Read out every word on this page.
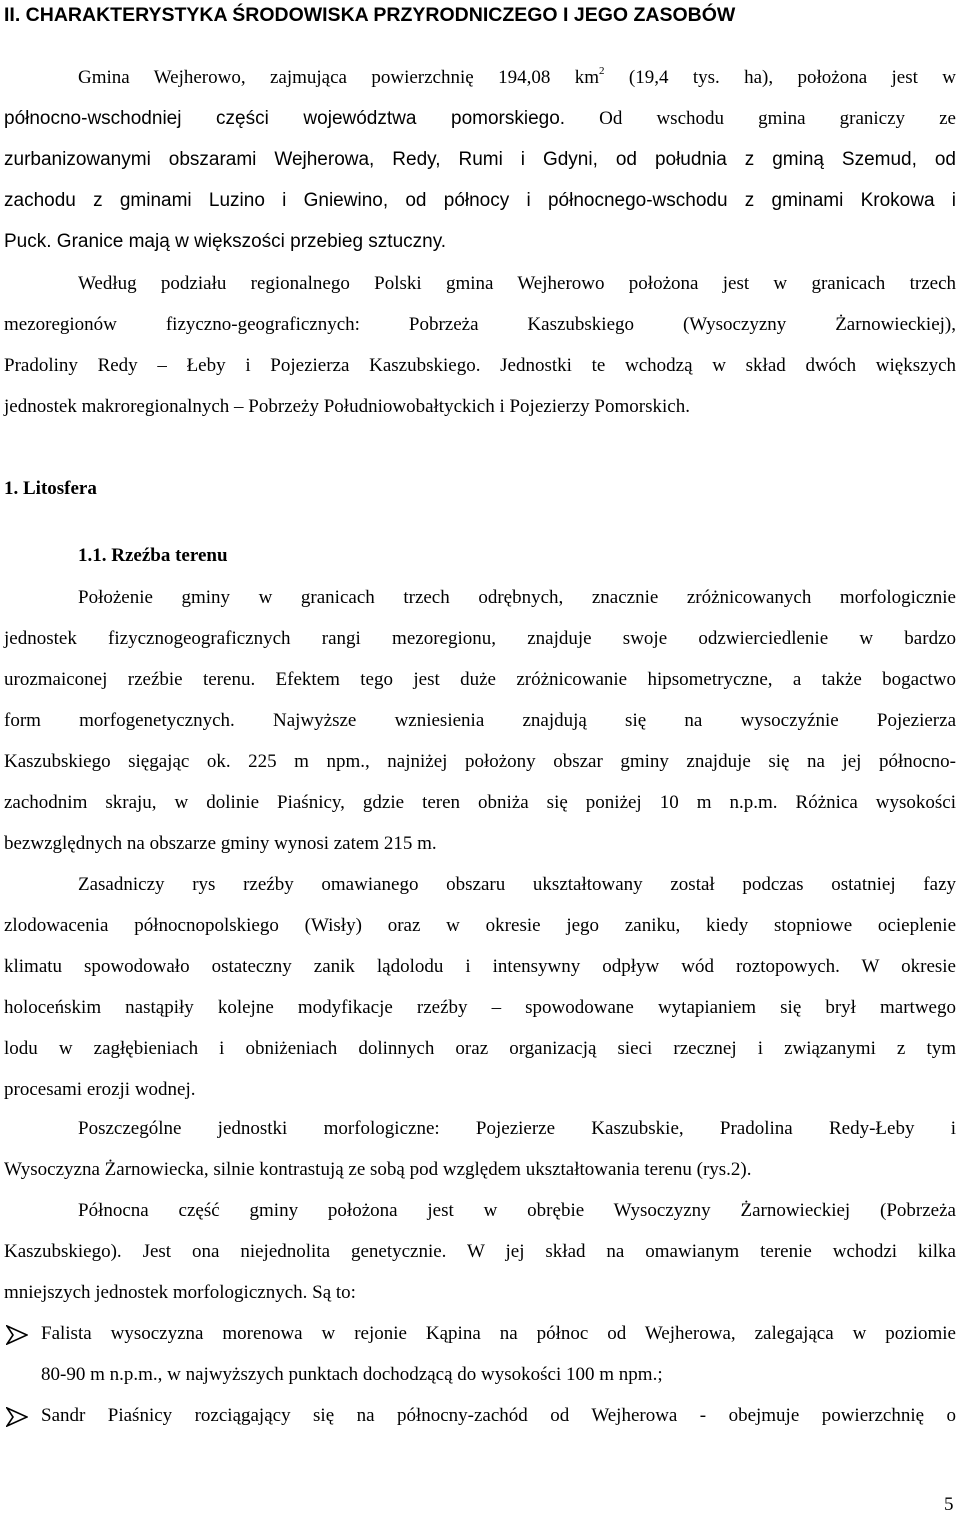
II. CHARAKTERYSTYKA ŚRODOWISKA PRZYRODNICZEGO I JEGO ZASOBÓW
Gmina Wejherowo, zajmująca powierzchnię 194,08 $km^2$ (19,4 tys. ha), położona jest w
północno-wschodniej części województwa pomorskiego. Od wschodu gmina graniczy ze
zurbanizowanymi obszarami Wejherowa, Redy, Rumi i Gdyni, od południa z gminą Szemud, od
zachodu z gminami Luzino i Gniewino, od północy i północnego-wschodu z gminami Krokowa i
Puck. Granice mają w większości przebieg sztuczny.
Według podziału regionalnego Polski gmina Wejherowo położona jest w granicach trzech
mezoregionów fizyczno-geograficznych: Pobrzeża Kaszubskiego (Wysoczyzny Żarnowieckiej),
Pradoliny Redy – Łeby i Pojezierza Kaszubskiego. Jednostki te wchodzą w skład dwóch większych
jednostek makroregionalnych – Pobrzeży Południowobałtyckich i Pojezierzy Pomorskich.
1. Litosfera
1.1. Rzeźba terenu
Położenie gminy w granicach trzech odrębnych, znacznie zróżnicowanych morfologicznie
jednostek fizycznogeograficznych rangi mezoregionu, znajduje swoje odzwierciedlenie w bardzo
urozmaiconej rzeźbie terenu. Efektem tego jest duże zróżnicowanie hipsometryczne, a także bogactwo
form morfogenetycznych. Najwyższe wzniesienia znajdują się na wysoczyźnie Pojezierza
Kaszubskiego sięgając ok. 225 m npm., najniżej położony obszar gminy znajduje się na jej północno-
zachodnim skraju, w dolinie Piaśnicy, gdzie teren obniża się poniżej 10 m n.p.m. Różnica wysokości
bezwzględnych na obszarze gminy wynosi zatem 215 m.
Zasadniczy rys rzeźby omawianego obszaru ukształtowany został podczas ostatniej fazy
zlodowacenia północnopolskiego (Wisły) oraz w okresie jego zaniku, kiedy stopniowe ocieplenie
klimatu spowodowało ostateczny zanik lądolodu i intensywny odpływ wód roztopowych. W okresie
holoceńskim nastąpiły kolejne modyfikacje rzeźby – spowodowane wytapianiem się brył martwego
lodu w zagłębieniach i obniżeniach dolinnych oraz organizacją sieci rzecznej i związanymi z tym
procesami erozji wodnej.
Poszczególne jednostki morfologiczne: Pojezierze Kaszubskie, Pradolina Redy-Łeby i
Wysoczyzna Żarnowiecka, silnie kontrastują ze sobą pod względem ukształtowania terenu (rys.2).
Północna część gminy położona jest w obrębie Wysoczyzny Żarnowieckiej (Pobrzeża
Kaszubskiego). Jest ona niejednolita genetycznie. W jej skład na omawianym terenie wchodzi kilka
mniejszych jednostek morfologicznych. Są to:
Falista wysoczyzna morenowa w rejonie Kąpina na północ od Wejherowa, zalegająca w poziomie
80-90 m n.p.m., w najwyższych punktach dochodzącą do wysokości 100 m npm.;
Sandr Piaśnicy rozciągający się na północny-zachód od Wejherowa - obejmuje powierzchnię o
5
